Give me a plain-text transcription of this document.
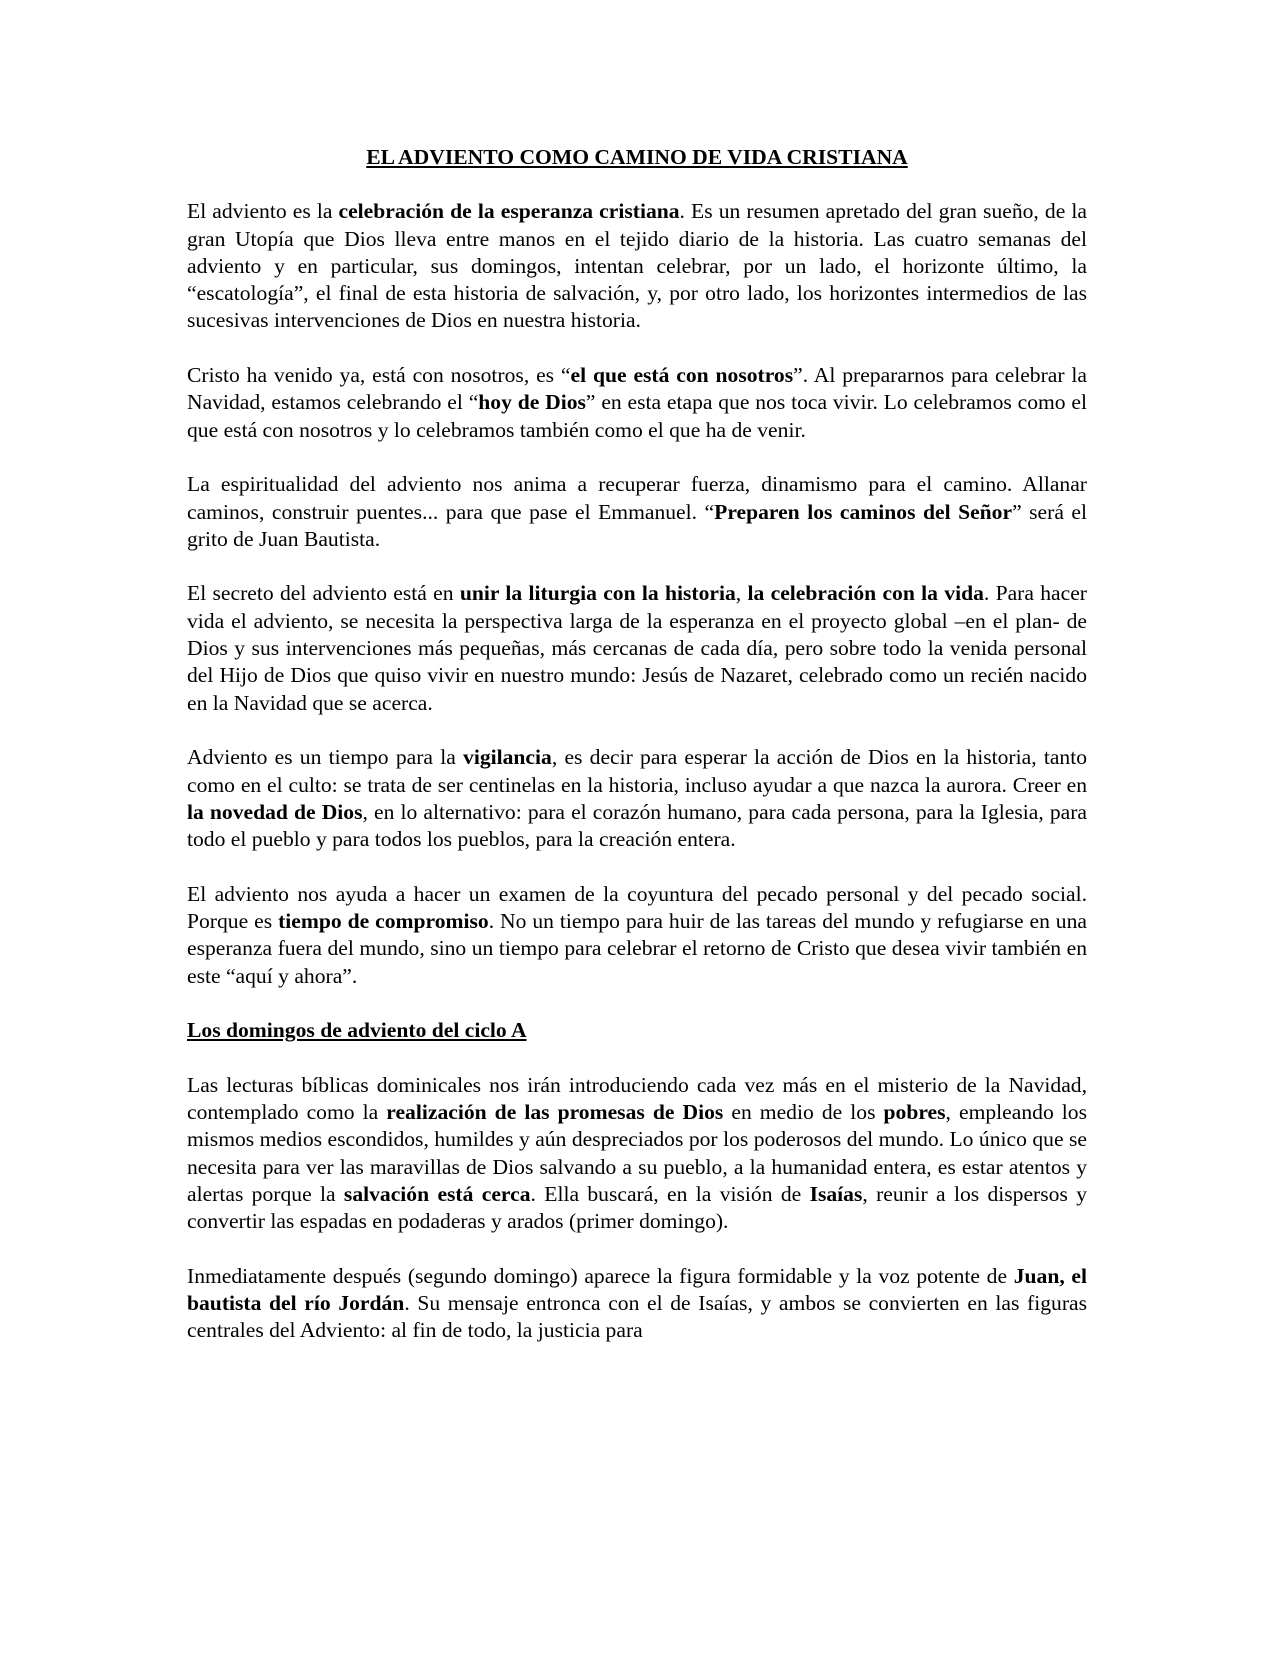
EL ADVIENTO COMO CAMINO DE VIDA CRISTIANA

El adviento es la celebración de la esperanza cristiana. Es un resumen apretado del gran sueño, de la gran Utopía que Dios lleva entre manos en el tejido diario de la historia. Las cuatro semanas del adviento y en particular, sus domingos, intentan celebrar, por un lado, el horizonte último, la “escatología”, el final de esta historia de salvación, y, por otro lado, los horizontes intermedios de las sucesivas intervenciones de Dios en nuestra historia.

Cristo ha venido ya, está con nosotros, es “el que está con nosotros”. Al prepararnos para celebrar la Navidad, estamos celebrando el “hoy de Dios” en esta etapa que nos toca vivir. Lo celebramos como el que está con nosotros y lo celebramos también como el que ha de venir.

La espiritualidad del adviento nos anima a recuperar fuerza, dinamismo para el camino. Allanar caminos, construir puentes... para que pase el Emmanuel. “Preparen los caminos del Señor” será el grito de Juan Bautista.

El secreto del adviento está en unir la liturgia con la historia, la celebración con la vida. Para hacer vida el adviento, se necesita la perspectiva larga de la esperanza en el proyecto global –en el plan- de Dios y sus intervenciones más pequeñas, más cercanas de cada día, pero sobre todo la venida personal del Hijo de Dios que quiso vivir en nuestro mundo: Jesús de Nazaret, celebrado como un recién nacido en la Navidad que se acerca.

Adviento es un tiempo para la vigilancia, es decir para esperar la acción de Dios en la historia, tanto como en el culto: se trata de ser centinelas en la historia, incluso ayudar a que nazca la aurora. Creer en la novedad de Dios, en lo alternativo: para el corazón humano, para cada persona, para la Iglesia, para todo el pueblo y para todos los pueblos, para la creación entera.

El adviento nos ayuda a hacer un examen de la coyuntura del pecado personal y del pecado social. Porque es tiempo de compromiso. No un tiempo para huir de las tareas del mundo y refugiarse en una esperanza fuera del mundo, sino un tiempo para celebrar el retorno de Cristo que desea vivir también en este “aquí y ahora”.

Los domingos de adviento del ciclo A

Las lecturas bíblicas dominicales nos irán introduciendo cada vez más en el misterio de la Navidad, contemplado como la realización de las promesas de Dios en medio de los pobres, empleando los mismos medios escondidos, humildes y aún despreciados por los poderosos del mundo. Lo único que se necesita para ver las maravillas de Dios salvando a su pueblo, a la humanidad entera, es estar atentos y alertas porque la salvación está cerca. Ella buscará, en la visión de Isaías, reunir a los dispersos y convertir las espadas en podaderas y arados (primer domingo).

Inmediatamente después (segundo domingo) aparece la figura formidable y la voz potente de Juan, el bautista del río Jordán. Su mensaje entronca con el de Isaías, y ambos se convierten en las figuras centrales del Adviento: al fin de todo, la justicia para
